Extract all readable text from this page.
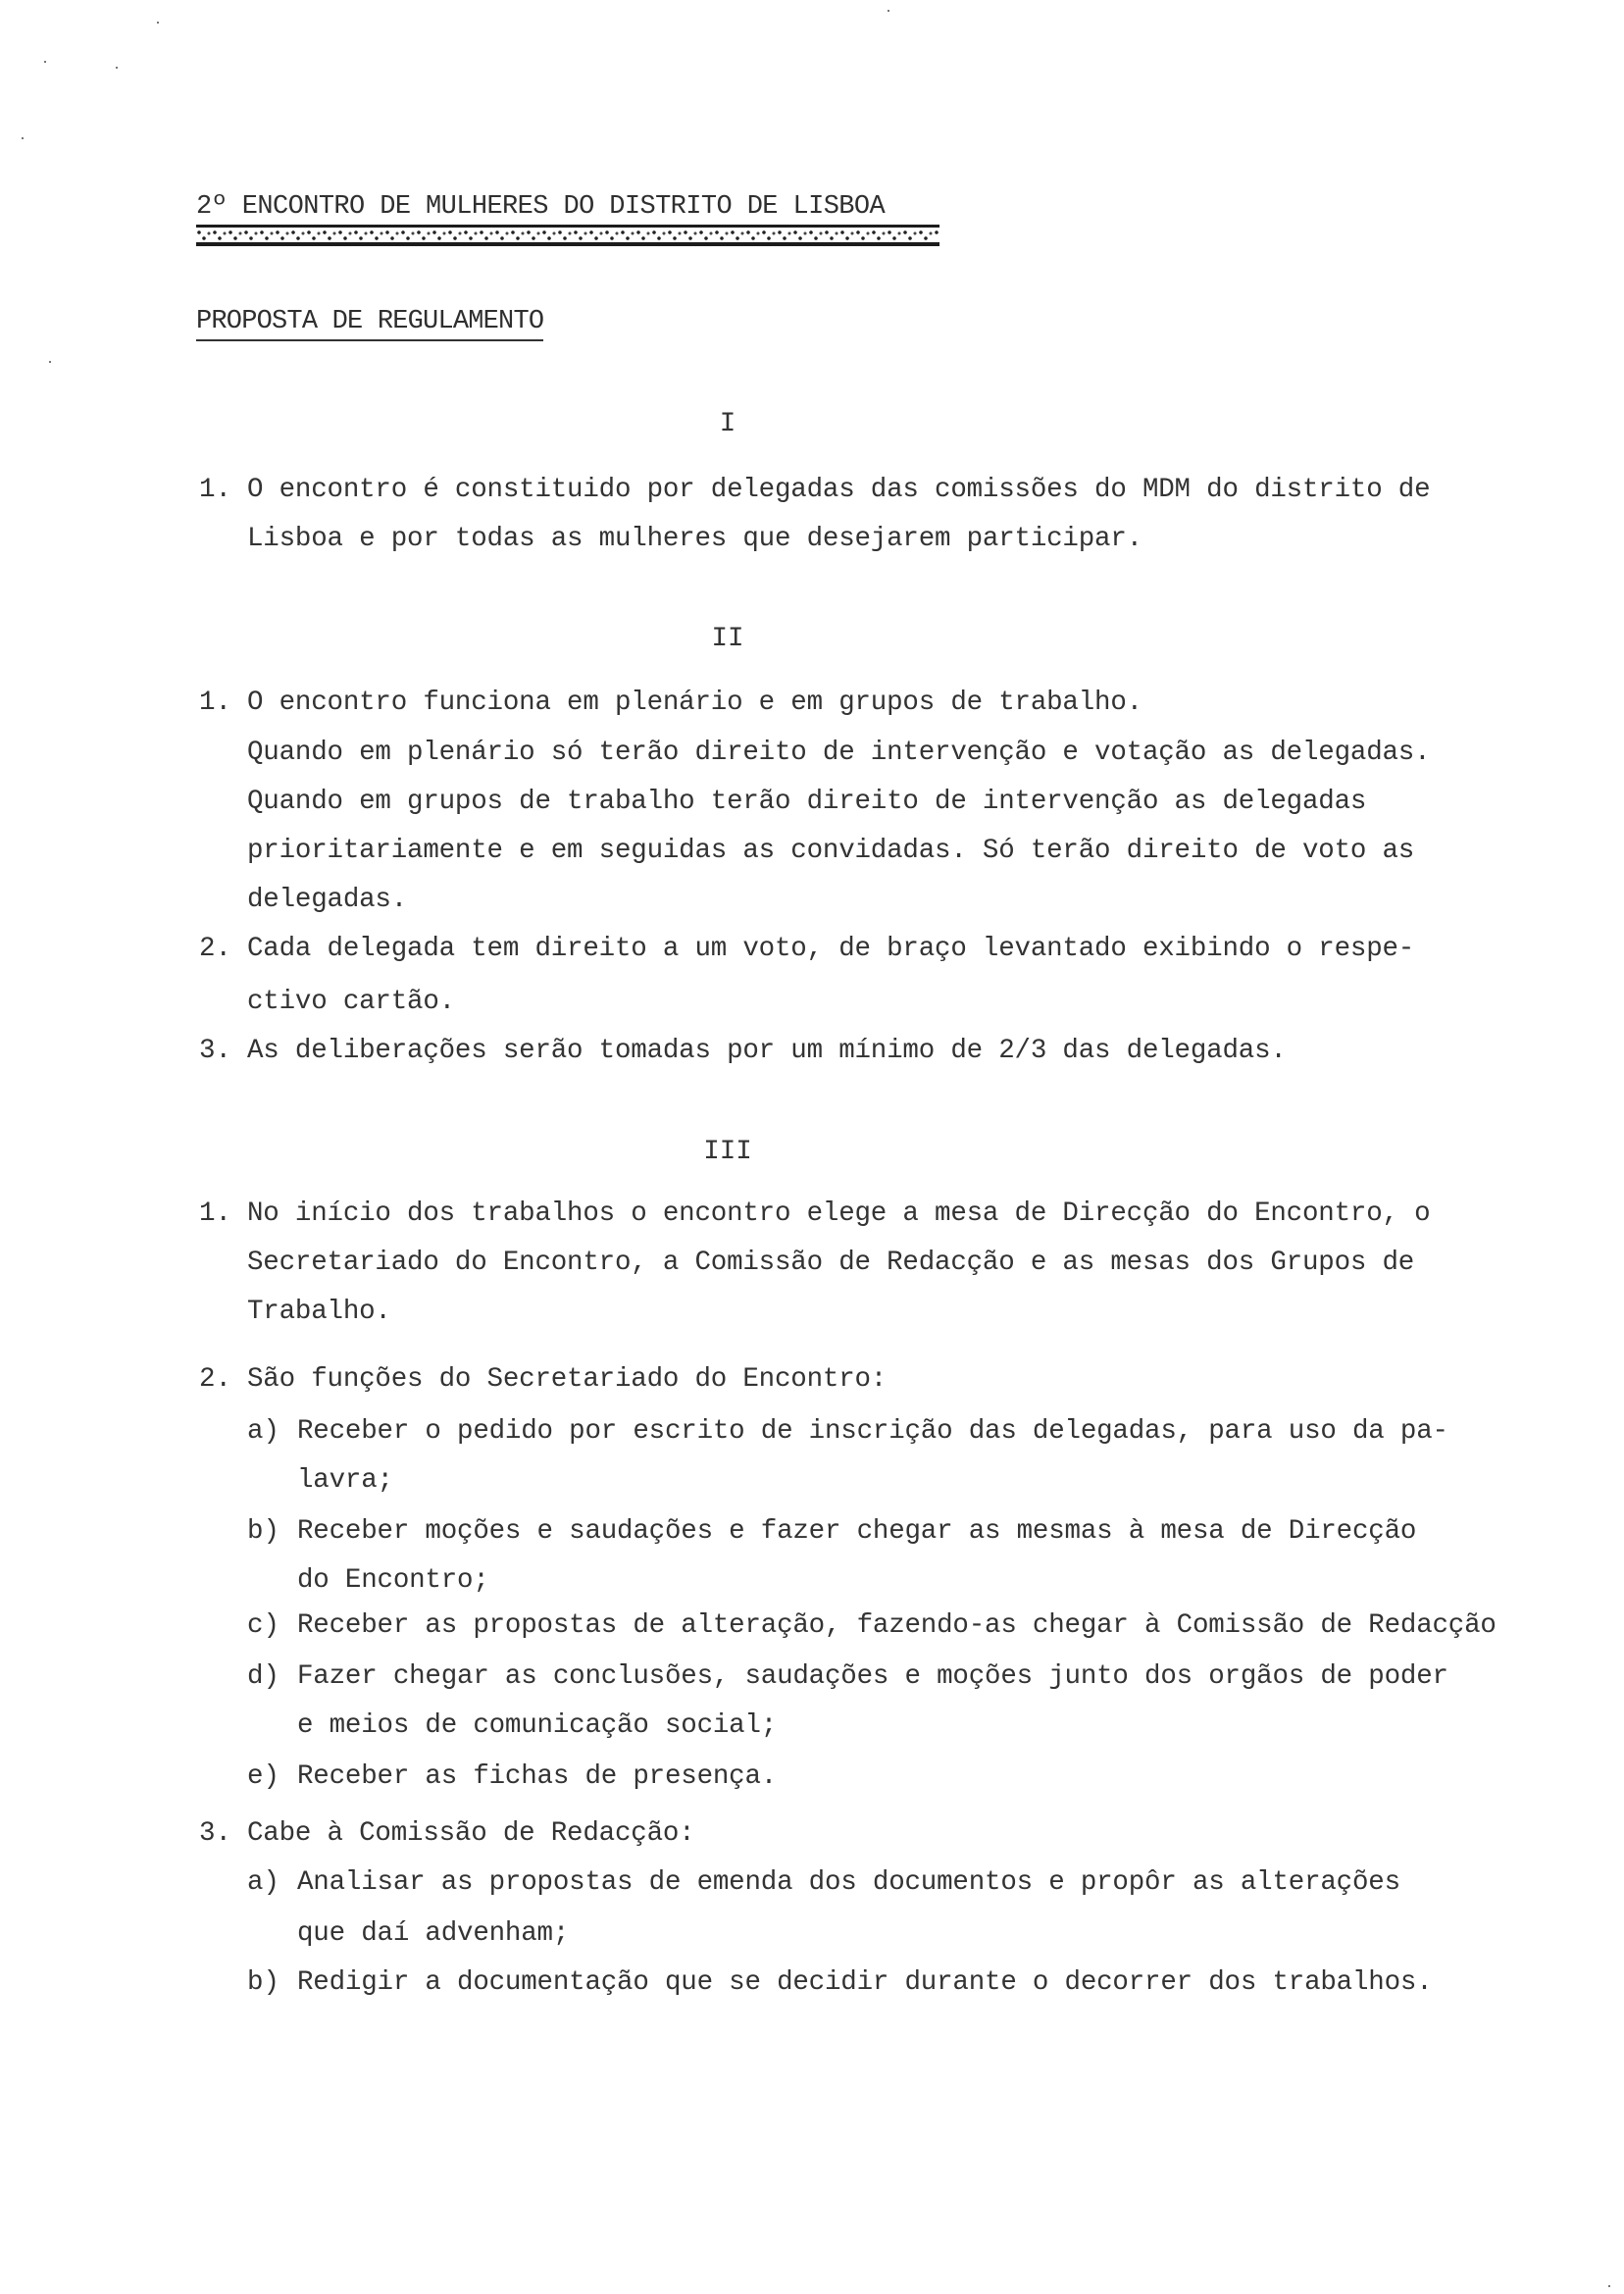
2º ENCONTRO DE MULHERES DO DISTRITO DE LISBOA
PROPOSTA DE REGULAMENTO
I
1. O encontro é constituido por delegadas das comissões do MDM do distrito de
Lisboa e por todas as mulheres que desejarem participar.
II
1. O encontro funciona em plenário e em grupos de trabalho.
Quando em plenário só terão direito de intervenção e votação as delegadas.
Quando em grupos de trabalho terão direito de intervenção as delegadas
prioritariamente e em seguidas as convidadas. Só terão direito de voto as
delegadas.
2. Cada delegada tem direito a um voto, de braço levantado exibindo o respe-
ctivo cartão.
3. As deliberações serão tomadas por um mínimo de 2/3 das delegadas.
III
1. No início dos trabalhos o encontro elege a mesa de Direcção do Encontro, o
Secretariado do Encontro, a Comissão de Redacção e as mesas dos Grupos de
Trabalho.
2. São funções do Secretariado do Encontro:
a) Receber o pedido por escrito de inscrição das delegadas, para uso da pa-
lavra;
b) Receber moções e saudações e fazer chegar as mesmas à mesa de Direcção
do Encontro;
c) Receber as propostas de alteração, fazendo-as chegar à Comissão de Redacção
d) Fazer chegar as conclusões, saudações e moções junto dos orgãos de poder
e meios de comunicação social;
e) Receber as fichas de presença.
3. Cabe à Comissão de Redacção:
a) Analisar as propostas de emenda dos documentos e propôr as alterações
que daí advenham;
b) Redigir a documentação que se decidir durante o decorrer dos trabalhos.
